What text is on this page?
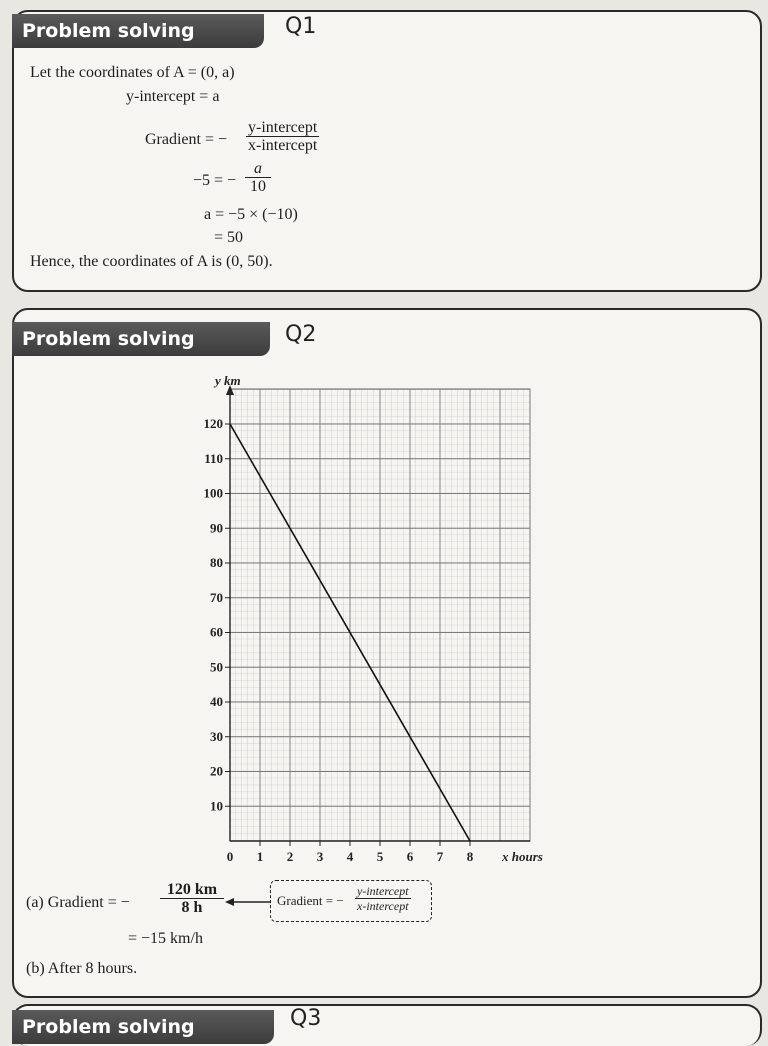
Problem solving	Q1
Let the coordinates of A = (0, a)
y-intercept = a
Gradient = −
y-intercept
x-intercept
−5 = − $\frac{a}{10}$
a = −5 × (−10)
= 50
Hence, the coordinates of A is (0, 50).
Problem solving	Q2
10
20
30
40
50
60
70
80
90
100
110
120
0 1 2 3 4 5 6 7 8 x hours
y km
(a) Gradient = − $\frac{120 km}{8 h}$	Gradient = −
y-intercept
x-intercept
= −15 km/h
(b) After 8 hours.
Problem solving	Q3
